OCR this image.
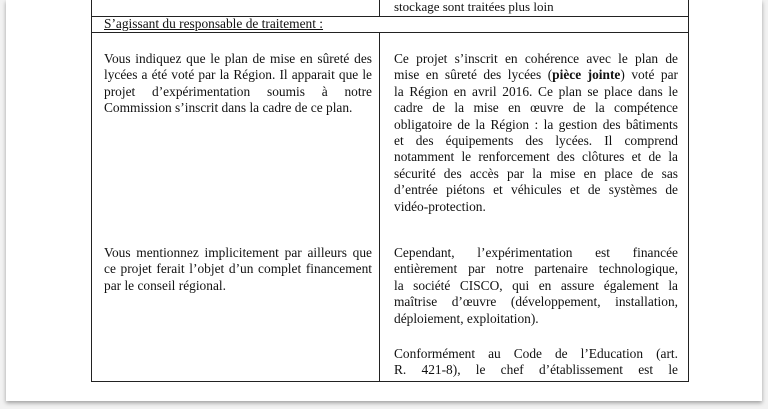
stockage sont traitées plus loin
S’agissant du responsable de traitement :
Vous indiquez que le plan de mise en sûreté des
lycées a été voté par la Région. Il apparait que le
projet d’expérimentation soumis à notre
Commission s’inscrit dans la cadre de ce plan.
Vous mentionnez implicitement par ailleurs que
ce projet ferait l’objet d’un complet financement
par le conseil régional.
Ce projet s’inscrit en cohérence avec le plan de
mise en sûreté des lycées (pièce jointe) voté par
la Région en avril 2016. Ce plan se place dans le
cadre de la mise en œuvre de la compétence
obligatoire de la Région : la gestion des bâtiments
et des équipements des lycées. Il comprend
notamment le renforcement des clôtures et de la
sécurité des accès par la mise en place de sas
d’entrée piétons et véhicules et de systèmes de
vidéo-protection.
Cependant, l’expérimentation est financée
entièrement par notre partenaire technologique,
la société CISCO, qui en assure également la
maîtrise d’œuvre (développement, installation,
déploiement, exploitation).
Conformément au Code de l’Education (art.
R. 421-8), le chef d’établissement est le
